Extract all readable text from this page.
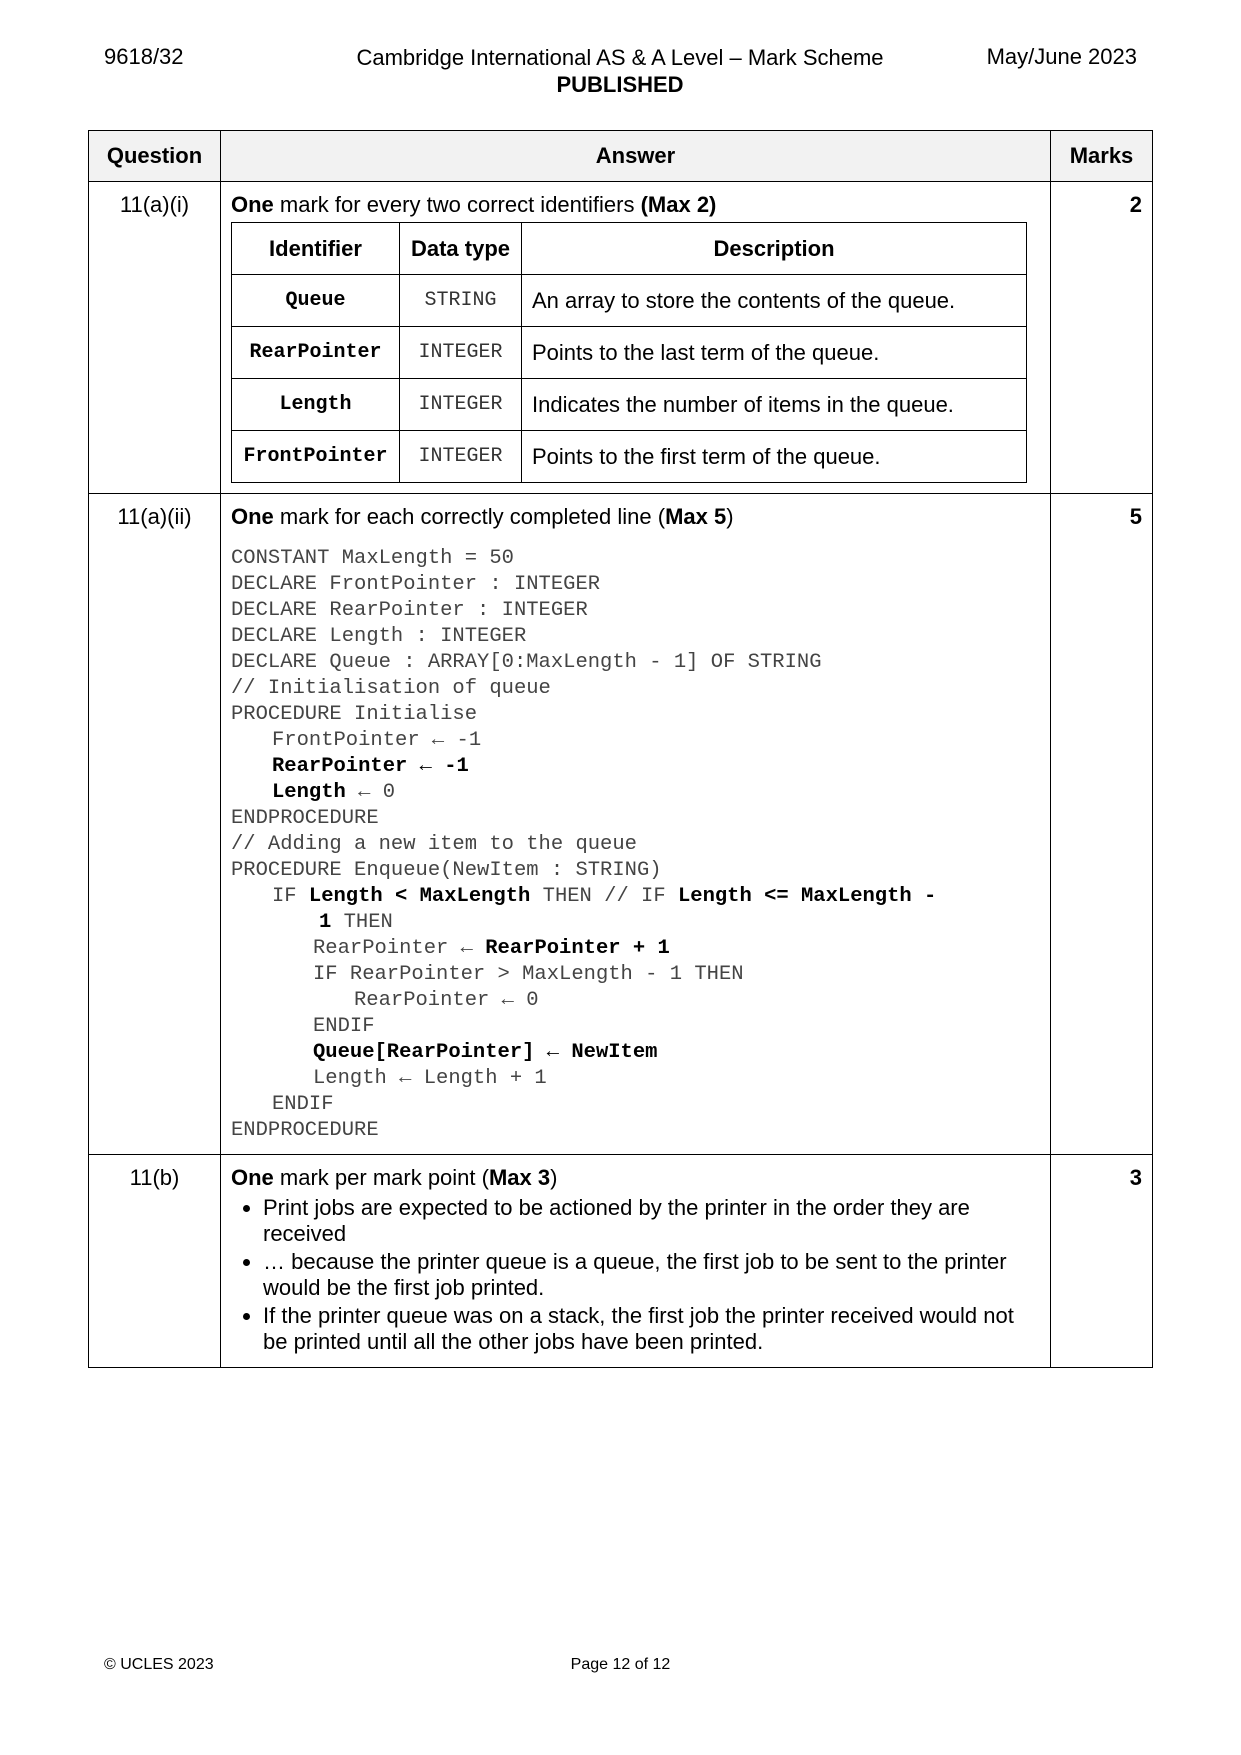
9618/32	Cambridge International AS & A Level – Mark Scheme
PUBLISHED
May/June 2023
Question	Answer	Marks
11(a)(i)	One mark for every two correct identifiers (Max 2)
Identifier	Data type	Description
Queue	STRING	An array to store the contents of the queue.
RearPointer	INTEGER	Points to the last term of the queue.
Length	INTEGER	Indicates the number of items in the queue.
FrontPointer	INTEGER	Points to the first term of the queue.
	2
11(a)(ii)	One mark for each correctly completed line (Max 5)
CONSTANT MaxLength = 50
DECLARE FrontPointer : INTEGER
DECLARE RearPointer : INTEGER
DECLARE Length : INTEGER
DECLARE Queue : ARRAY[0:MaxLength - 1] OF STRING
// Initialisation of queue
PROCEDURE Initialise
FrontPointer ← -1
RearPointer ← -1
Length ← 0
ENDPROCEDURE
// Adding a new item to the queue
PROCEDURE Enqueue(NewItem : STRING)
IF Length < MaxLength THEN // IF Length <= MaxLength -
1 THEN
RearPointer ← RearPointer + 1
IF RearPointer > MaxLength - 1 THEN
RearPointer ← 0
ENDIF
Queue[RearPointer] ← NewItem
Length ← Length + 1
ENDIF
ENDPROCEDURE
	5
11(b)	One mark per mark point (Max 3)
• Print jobs are expected to be actioned by the printer in the order they are received
• … because the printer queue is a queue, the first job to be sent to the printer would be the first job printed.
• If the printer queue was on a stack, the first job the printer received would not be printed until all the other jobs have been printed.
	3
© UCLES 2023	Page 12 of 12
